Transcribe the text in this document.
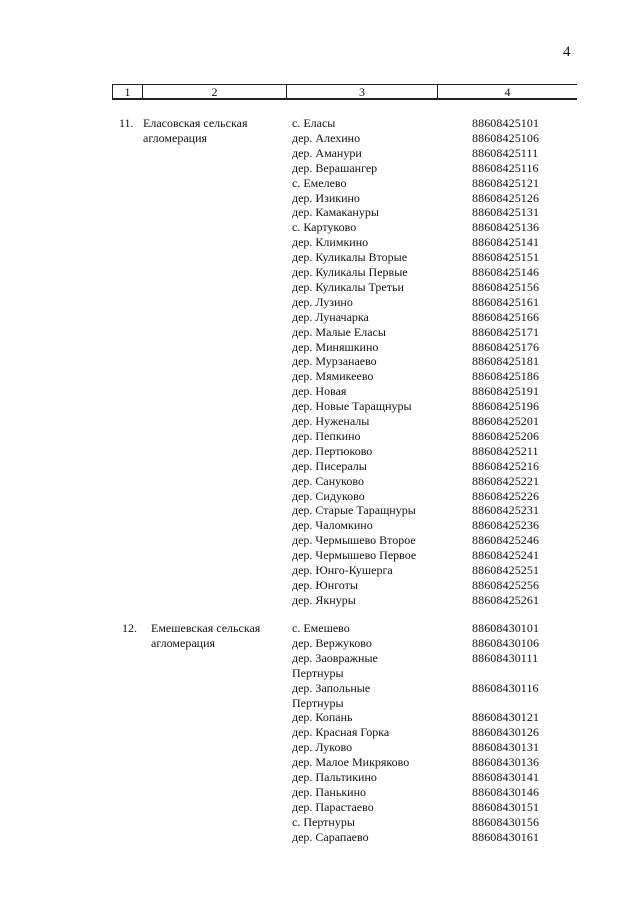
4
1	2	3	4
11. Еласовская сельская
агломерация
с. Еласы	88608425101
дер. Алехино	88608425106
дер. Аманури	88608425111
дер. Верашангер	88608425116
с. Емелево	88608425121
дер. Изикино	88608425126
дер. Камакануры	88608425131
с. Картуково	88608425136
дер. Климкино	88608425141
дер. Куликалы Вторые	88608425151
дер. Куликалы Первые	88608425146
дер. Куликалы Третьи	88608425156
дер. Лузино	88608425161
дер. Луначарка	88608425166
дер. Малые Еласы	88608425171
дер. Миняшкино	88608425176
дер. Мурзанаево	88608425181
дер. Мямикеево	88608425186
дер. Новая	88608425191
дер. Новые Таращнуры	88608425196
дер. Нуженалы	88608425201
дер. Пепкино	88608425206
дер. Пертюково	88608425211
дер. Писералы	88608425216
дер. Сануково	88608425221
дер. Сидуково	88608425226
дер. Старые Таращнуры	88608425231
дер. Чаломкино	88608425236
дер. Чермышево Второе	88608425246
дер. Чермышево Первое	88608425241
дер. Юнго-Кушерга	88608425251
дер. Юнготы	88608425256
дер. Якнуры	88608425261
12. Емешевская сельская
агломерация
с. Емешево	88608430101
дер. Вержуково	88608430106
дер. Заовражные	88608430111
Пертнуры
дер. Запольные	88608430116
Пертнуры
дер. Копань	88608430121
дер. Красная Горка	88608430126
дер. Луково	88608430131
дер. Малое Микряково	88608430136
дер. Пальтикино	88608430141
дер. Панькино	88608430146
дер. Парастаево	88608430151
с. Пертнуры	88608430156
дер. Сарапаево	88608430161
